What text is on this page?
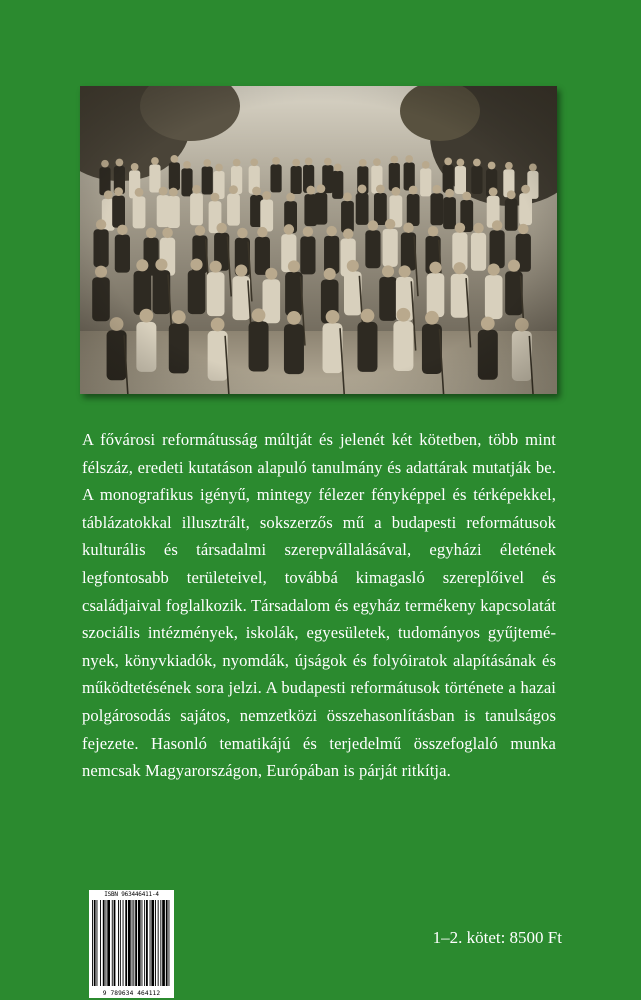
A fővárosi reformátusság múltját és jelenét két kötetben, több mint félszáz, eredeti kutatáson alapuló tanulmány és adattárak mutatják be. A monografikus igényű, mintegy félezer fényképpel és térképekkel, táblázatokkal illusztrált, sokszerzős mű a budapesti reformátusok kulturális és társadalmi szerepvállalásával, egyházi életének legfontosabb területeivel, továbbá kimagasló szereplőivel és családjaival foglalkozik. Társadalom és egyház termékeny kapcsolatát szociális intézmények, iskolák, egyesületek, tudományos gyűjtemények, könyvkiadók, nyomdák, újságok és folyóiratok alapításának és működtetésének sora jelzi. A budapesti reformátusok története a hazai polgárosodás sajátos, nemzetközi összehasonlításban is tanulságos fejezete. Hasonló tematikájú és terjedelmű összefoglaló munka nemcsak Magyarországon, Európában is párját ritkítja.
ISBN 963446411-4
9 789634 464112
1–2. kötet: 8500 Ft
